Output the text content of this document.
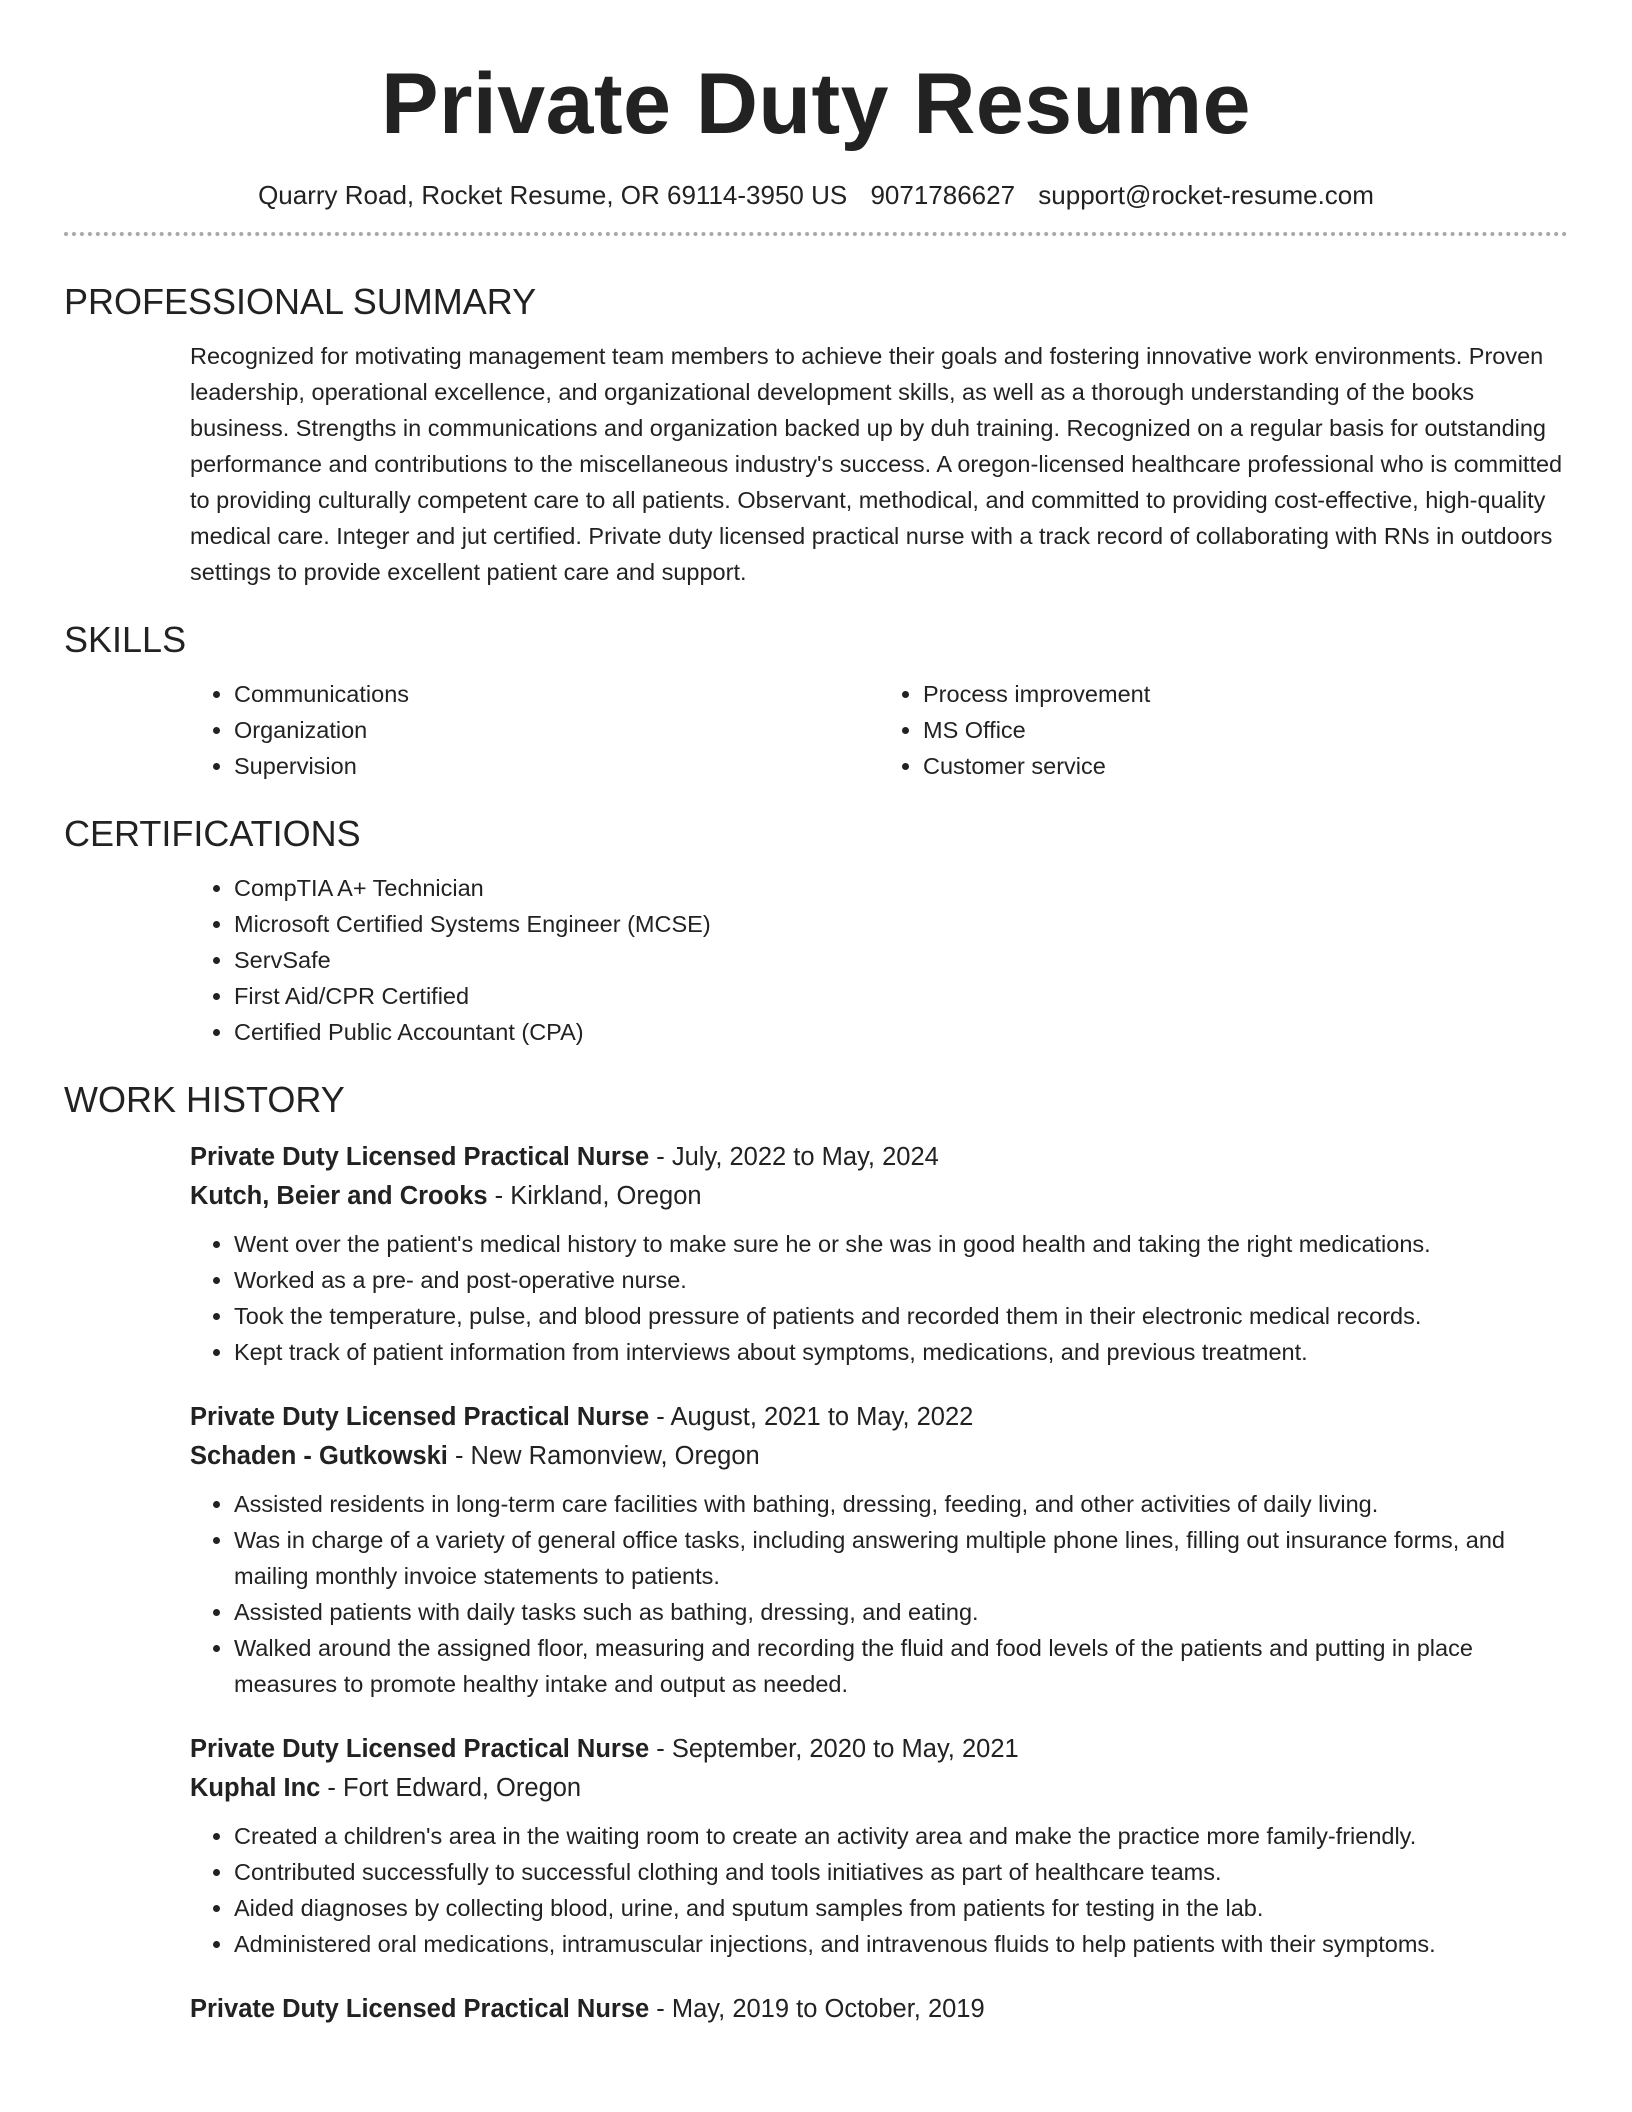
Private Duty Resume
Quarry Road, Rocket Resume, OR 69114-3950 US 9071786627 support@rocket-resume.com
PROFESSIONAL SUMMARY

Recognized for motivating management team members to achieve their goals and fostering innovative work environments. Proven leadership, operational excellence, and organizational development skills, as well as a thorough understanding of the books business. Strengths in communications and organization backed up by duh training. Recognized on a regular basis for outstanding performance and contributions to the miscellaneous industry's success. A oregon-licensed healthcare professional who is committed to providing culturally competent care to all patients. Observant, methodical, and committed to providing cost-effective, high-quality medical care. Integer and jut certified. Private duty licensed practical nurse with a track record of collaborating with RNs in outdoors settings to provide excellent patient care and support.

SKILLS
• Communications
• Organization
• Supervision
• Process improvement
• MS Office
• Customer service
CERTIFICATIONS
• CompTIA A+ Technician
• Microsoft Certified Systems Engineer (MCSE)
• ServSafe
• First Aid/CPR Certified
• Certified Public Accountant (CPA)
WORK HISTORY
Private Duty Licensed Practical Nurse - July, 2022 to May, 2024
Kutch, Beier and Crooks - Kirkland, Oregon
• Went over the patient's medical history to make sure he or she was in good health and taking the right medications.
• Worked as a pre- and post-operative nurse.
• Took the temperature, pulse, and blood pressure of patients and recorded them in their electronic medical records.
• Kept track of patient information from interviews about symptoms, medications, and previous treatment.
Private Duty Licensed Practical Nurse - August, 2021 to May, 2022
Schaden - Gutkowski - New Ramonview, Oregon
• Assisted residents in long-term care facilities with bathing, dressing, feeding, and other activities of daily living.
• Was in charge of a variety of general office tasks, including answering multiple phone lines, filling out insurance forms, and mailing monthly invoice statements to patients.
• Assisted patients with daily tasks such as bathing, dressing, and eating.
• Walked around the assigned floor, measuring and recording the fluid and food levels of the patients and putting in place measures to promote healthy intake and output as needed.
Private Duty Licensed Practical Nurse - September, 2020 to May, 2021
Kuphal Inc - Fort Edward, Oregon
• Created a children's area in the waiting room to create an activity area and make the practice more family-friendly.
• Contributed successfully to successful clothing and tools initiatives as part of healthcare teams.
• Aided diagnoses by collecting blood, urine, and sputum samples from patients for testing in the lab.
• Administered oral medications, intramuscular injections, and intravenous fluids to help patients with their symptoms.
Private Duty Licensed Practical Nurse - May, 2019 to October, 2019
